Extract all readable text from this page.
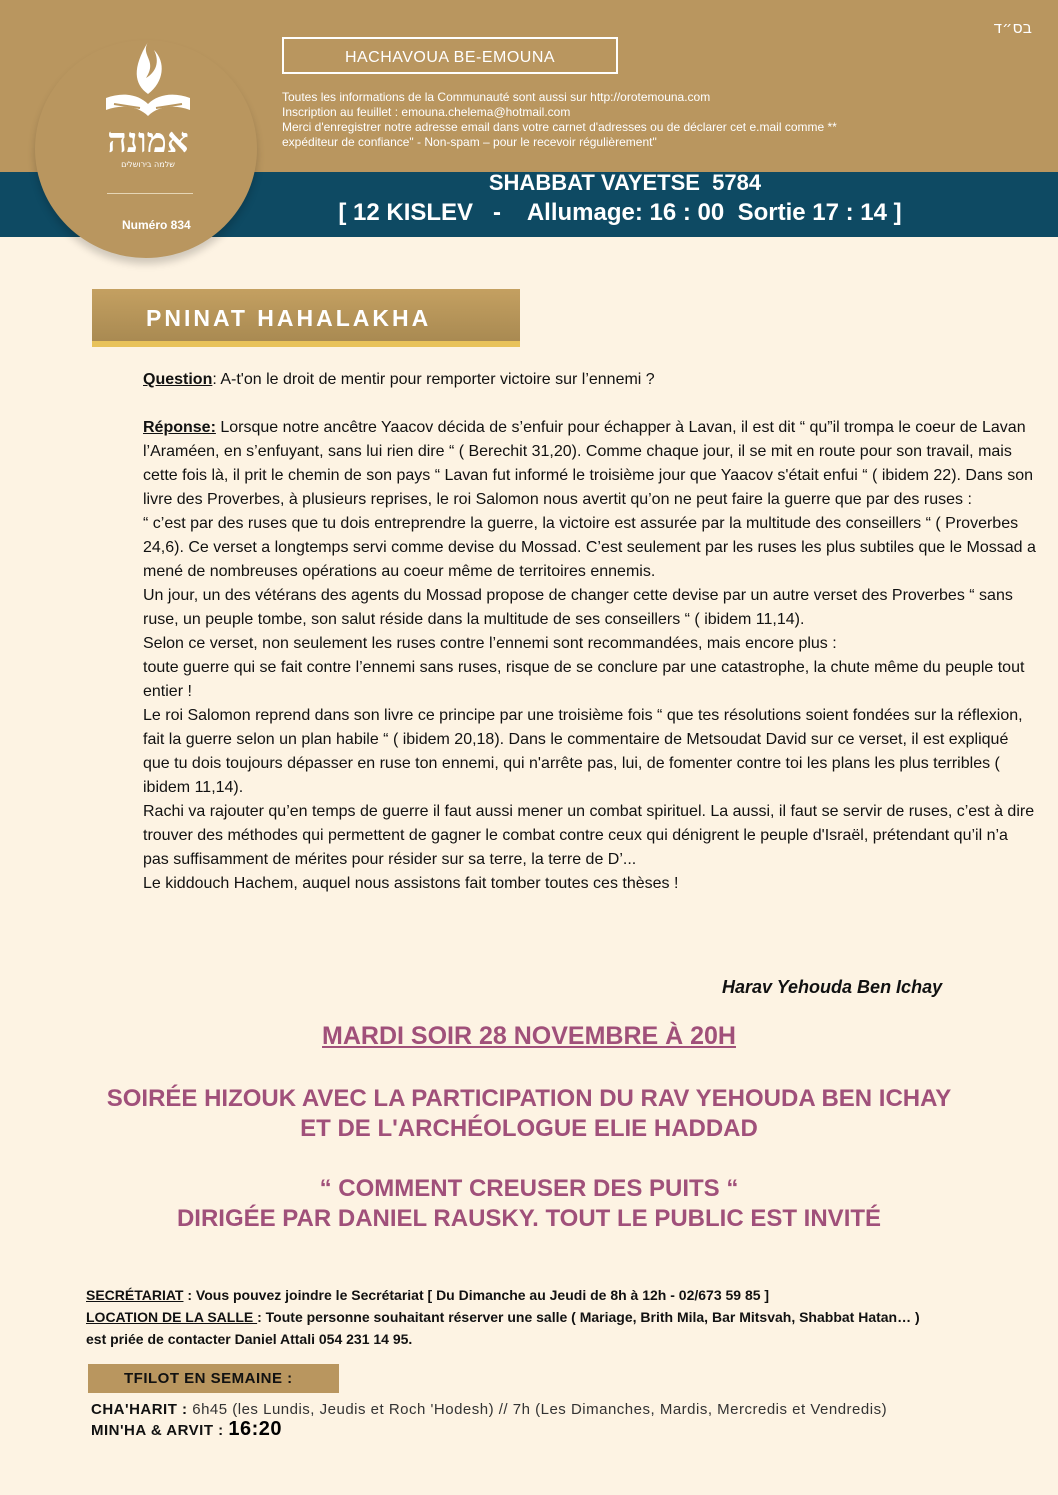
בס״ד
אמונה
שלמה בירושלים
Numéro 834
HACHAVOUA BE-EMOUNA
Toutes les informations de la Communauté sont aussi sur http://orotemouna.com
Inscription au feuillet : emouna.chelema@hotmail.com
Merci d'enregistrer notre adresse email dans votre carnet d'adresses ou de déclarer cet e.mail comme **
expéditeur de confiance" - Non-spam – pour le recevoir régulièrement"
SHABBAT VAYETSE  5784
[ 12 KISLEV   -    Allumage: 16 : 00  Sortie 17 : 14 ]
PNINAT HAHALAKHA

Question: A-t'on le droit de mentir pour remporter victoire sur l’ennemi ?

Réponse: Lorsque notre ancêtre Yaacov décida de s’enfuir pour échapper à Lavan, il est dit “ qu”il trompa le coeur de Lavan l’Araméen, en s’enfuyant, sans lui rien dire “ ( Berechit 31,20). Comme chaque jour, il se mit en route pour son travail, mais cette fois là, il prit le chemin de son pays “ Lavan fut informé le troisième jour que Yaacov s'était enfui “ ( ibidem 22). Dans son livre des Proverbes, à plusieurs reprises, le roi Salomon nous avertit qu’on ne peut faire la guerre que par des ruses :

“ c’est par des ruses que tu dois entreprendre la guerre, la victoire est assurée par la multitude des conseillers “ ( Proverbes 24,6). Ce verset a longtemps servi comme devise du Mossad. C’est seulement par les ruses les plus subtiles que le Mossad a mené de nombreuses opérations au coeur même de territoires ennemis.

Un jour, un des vétérans des agents du Mossad propose de changer cette devise par un autre verset des Proverbes “ sans ruse, un peuple tombe, son salut réside dans la multitude de ses conseillers “ ( ibidem 11,14).

Selon ce verset, non seulement les ruses contre l’ennemi sont recommandées, mais encore plus :

toute guerre qui se fait contre l’ennemi sans ruses, risque de se conclure par une catastrophe, la chute même du peuple tout entier !

Le roi Salomon reprend dans son livre ce principe par une troisième fois “ que tes résolutions soient fondées sur la réflexion, fait la guerre selon un plan habile “ ( ibidem 20,18). Dans le commentaire de Metsoudat David sur ce verset, il est expliqué que tu dois toujours dépasser en ruse ton ennemi, qui n'arrête pas, lui, de fomenter contre toi les plans les plus terribles ( ibidem 11,14).

Rachi va rajouter qu’en temps de guerre il faut aussi mener un combat spirituel. La aussi, il faut se servir de ruses, c’est à dire trouver des méthodes qui permettent de gagner le combat contre ceux qui dénigrent le peuple d'Israël, prétendant qu’il n’a pas suffisamment de mérites pour résider sur sa terre, la terre de D’...

Le kiddouch Hachem, auquel nous assistons fait tomber toutes ces thèses !

Harav Yehouda Ben Ichay
MARDI SOIR 28 NOVEMBRE À 20H
SOIRÉE HIZOUK AVEC LA PARTICIPATION DU RAV YEHOUDA BEN ICHAY
ET DE L'ARCHÉOLOGUE ELIE HADDAD
“ COMMENT CREUSER DES PUITS “
DIRIGÉE PAR DANIEL RAUSKY. TOUT LE PUBLIC EST INVITÉ
SECRÉTARIAT : Vous pouvez joindre le Secrétariat [ Du Dimanche au Jeudi de 8h à 12h - 02/673 59 85 ]
LOCATION DE LA SALLE : Toute personne souhaitant réserver une salle ( Mariage, Brith Mila, Bar Mitsvah, Shabbat Hatan… )
est priée de contacter Daniel Attali 054 231 14 95.
TFILOT EN SEMAINE :
CHA'HARIT : 6h45 (les Lundis, Jeudis et Roch 'Hodesh) // 7h (Les Dimanches, Mardis, Mercredis et Vendredis)
MIN'HA & ARVIT : 16:20
